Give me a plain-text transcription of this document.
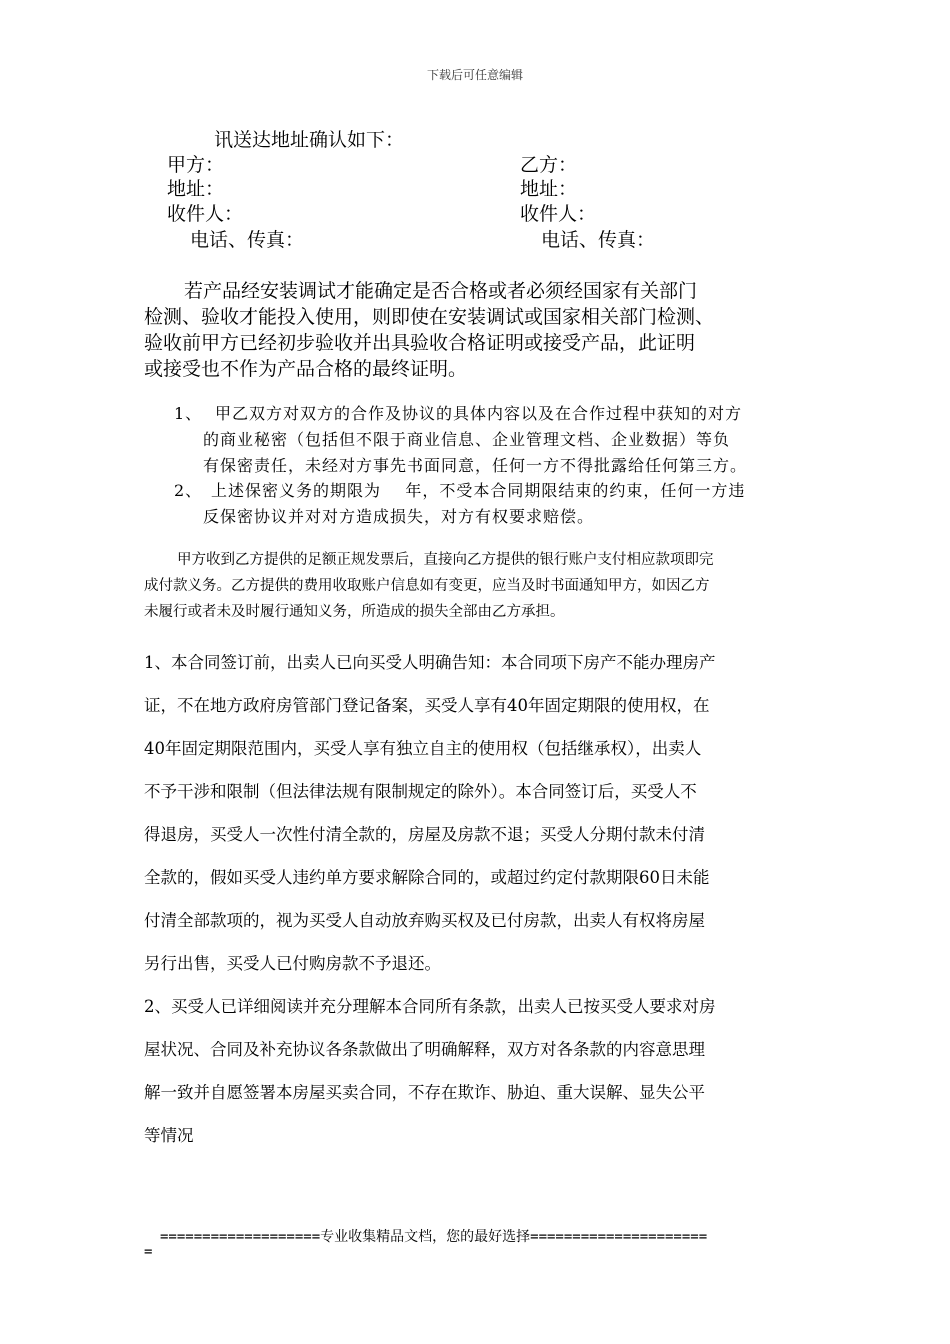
下载后可任意编辑
讯送达地址确认如下：
甲方：
地址：
收件人：
电话、传真：
乙方：
地址：
收件人：
电话、传真：
若产品经安装调试才能确定是否合格或者必须经国家有关部门
检测、验收才能投入使用，则即使在安装调试或国家相关部门检测、
验收前甲方已经初步验收并出具验收合格证明或接受产品，此证明
或接受也不作为产品合格的最终证明。
1、 甲乙双方对双方的合作及协议的具体内容以及在合作过程中获知的对方
的商业秘密（包括但不限于商业信息、企业管理文档、企业数据）等负
有保密责任，未经对方事先书面同意，任何一方不得批露给任何第三方。
2、 上述保密义务的期限为    年，不受本合同期限结束的约束，任何一方违
反保密协议并对对方造成损失，对方有权要求赔偿。
甲方收到乙方提供的足额正规发票后，直接向乙方提供的银行账户支付相应款项即完
成付款义务。乙方提供的费用收取账户信息如有变更，应当及时书面通知甲方，如因乙方
未履行或者未及时履行通知义务，所造成的损失全部由乙方承担。
1、本合同签订前，出卖人已向买受人明确告知：本合同项下房产不能办理房产
证，不在地方政府房管部门登记备案，买受人享有40年固定期限的使用权，在
40年固定期限范围内，买受人享有独立自主的使用权（包括继承权），出卖人
不予干涉和限制（但法律法规有限制规定的除外）。本合同签订后，买受人不
得退房，买受人一次性付清全款的，房屋及房款不退；买受人分期付款未付清
全款的，假如买受人违约单方要求解除合同的，或超过约定付款期限60日未能
付清全部款项的，视为买受人自动放弃购买权及已付房款，出卖人有权将房屋
另行出售，买受人已付购房款不予退还。
2、买受人已详细阅读并充分理解本合同所有条款，出卖人已按买受人要求对房
屋状况、合同及补充协议各条款做出了明确解释，双方对各条款的内容意思理
解一致并自愿签署本房屋买卖合同，不存在欺诈、胁迫、重大误解、显失公平
等情况
===================专业收集精品文档，您的最好选择=====================
=
